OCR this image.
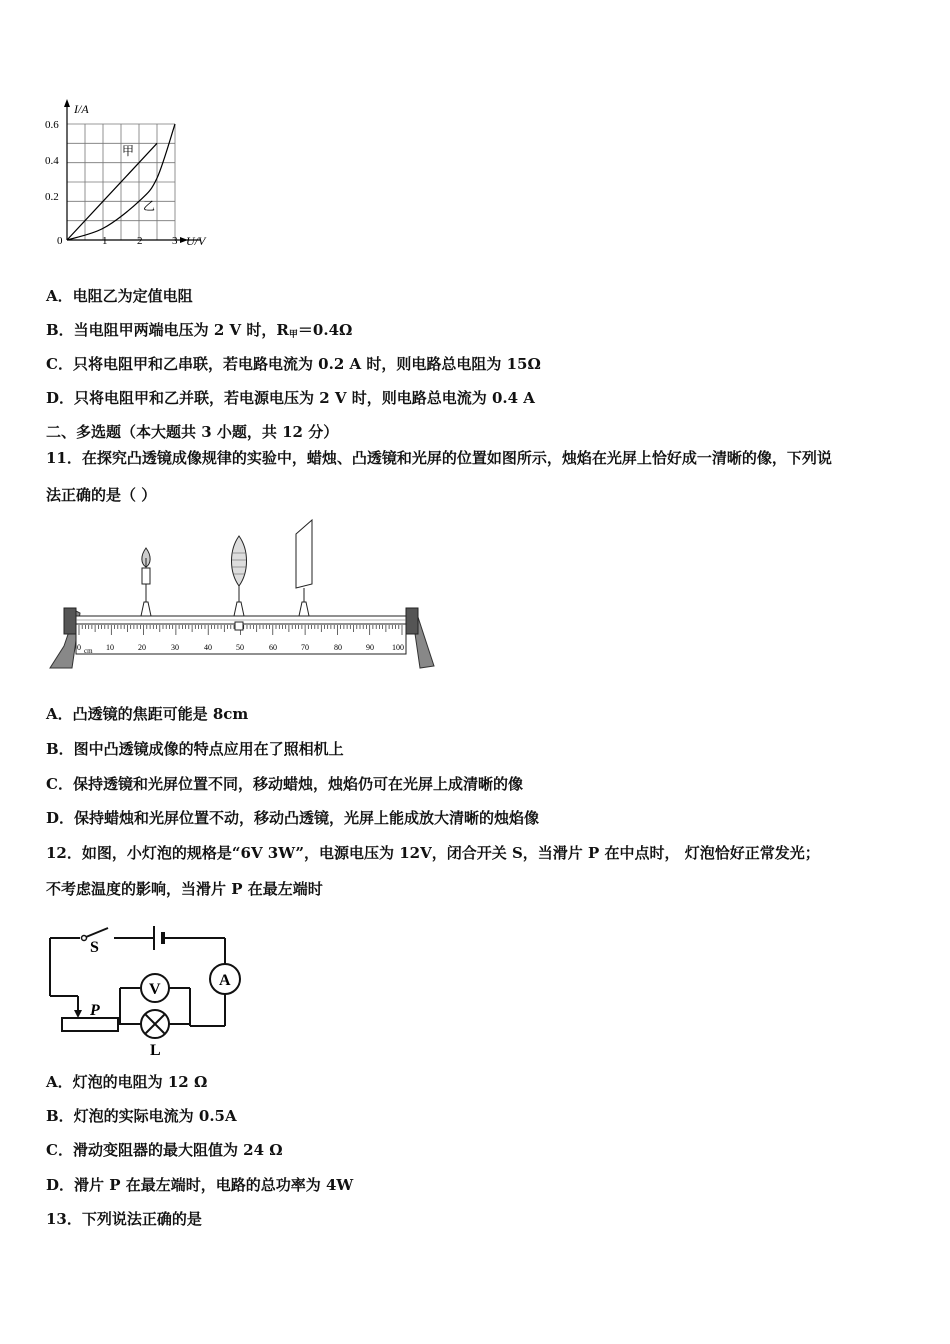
I/A
U/V
0.6
0.4
0.2
0	1	2	3
甲
乙
A．电阻乙为定值电阻
B．当电阻甲两端电压为 2 V 时，$R_甲=0.4\Omega$
C．只将电阻甲和乙串联，若电路电流为 0.2 A 时，则电路总电阻为 15Ω
D．只将电阻甲和乙并联，若电源电压为 2 V 时，则电路总电流为 0.4 A
二、多选题（本大题共 3 小题，共 12 分）
11．在探究凸透镜成像规律的实验中，蜡烛、凸透镜和光屏的位置如图所示，烛焰在光屏上恰好成一清晰的像，下列说
法正确的是（ ）
0 cm 10	20	30	40	50	60	70	80	90 100
A．凸透镜的焦距可能是 8cm
B．图中凸透镜成像的特点应用在了照相机上
C．保持透镜和光屏位置不同，移动蜡烛，烛焰仍可在光屏上成清晰的像
D．保持蜡烛和光屏位置不动，移动凸透镜，光屏上能成放大清晰的烛焰像
12．如图，小灯泡的规格是“6V 3W”，电源电压为 12V，闭合开关 S，当滑片 P 在中点时， 灯泡恰好正常发光；
不考虑温度的影响，当滑片 P 在最左端时
S
A
P
V
L
A．灯泡的电阻为 12 Ω
B．灯泡的实际电流为 0.5A
C．滑动变阻器的最大阻值为 24 Ω
D．滑片 P 在最左端时，电路的总功率为 4W
13．下列说法正确的是
